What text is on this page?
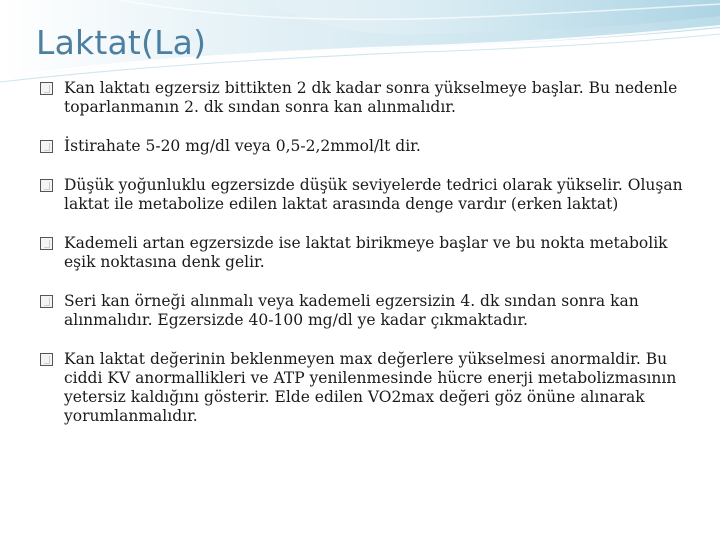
Laktat(La)
Kan laktatı egzersiz bittikten 2 dk kadar sonra yükselmeye başlar. Bu nedenle toparlanmanın 2. dk sından sonra kan alınmalıdır.
İstirahate 5-20 mg/dl veya 0,5-2,2mmol/lt dir.
Düşük yoğunluklu egzersizde düşük seviyelerde tedrici olarak yükselir. Oluşan laktat ile metabolize edilen laktat arasında denge vardır (erken laktat)
Kademeli artan egzersizde ise laktat birikmeye başlar ve bu nokta metabolik eşik noktasına denk gelir.
Seri kan örneği alınmalı veya kademeli egzersizin 4. dk sından sonra kan alınmalıdır. Egzersizde 40-100 mg/dl ye kadar çıkmaktadır.
Kan laktat değerinin beklenmeyen max değerlere yükselmesi anormaldir. Bu ciddi KV anormallikleri ve ATP yenilenmesinde hücre enerji metabolizmasının yetersiz kaldığını gösterir. Elde edilen VO2max değeri göz önüne alınarak yorumlanmalıdır.
